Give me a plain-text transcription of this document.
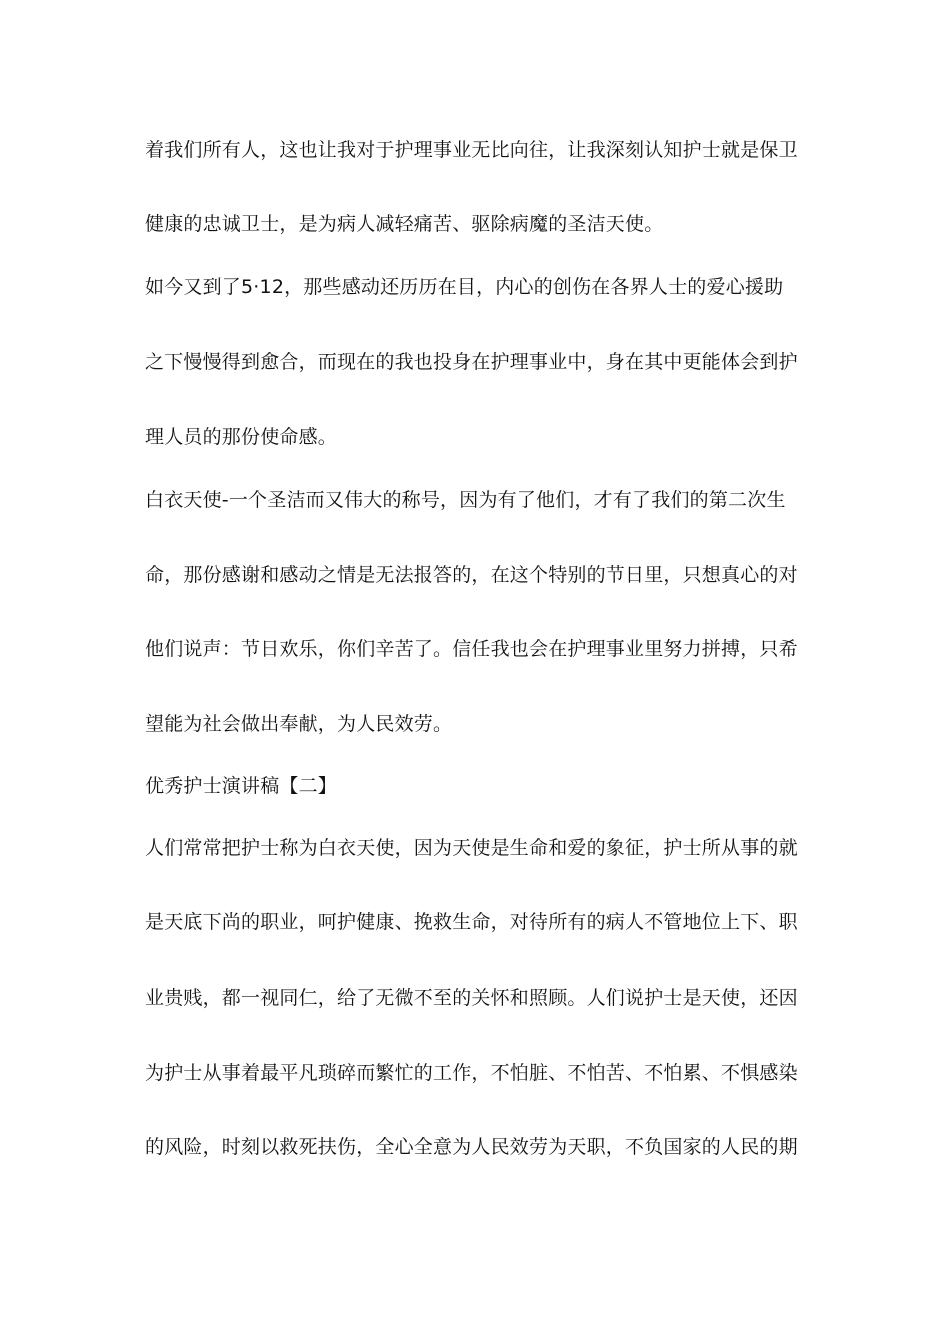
着我们所有人，这也让我对于护理事业无比向往，让我深刻认知护士就是保卫
健康的忠诚卫士，是为病人减轻痛苦、驱除病魔的圣洁天使。
如今又到了5·12，那些感动还历历在目，内心的创伤在各界人士的爱心援助
之下慢慢得到愈合，而现在的我也投身在护理事业中，身在其中更能体会到护
理人员的那份使命感。
白衣天使-一个圣洁而又伟大的称号，因为有了他们，才有了我们的第二次生
命，那份感谢和感动之情是无法报答的，在这个特别的节日里，只想真心的对
他们说声：节日欢乐，你们辛苦了。信任我也会在护理事业里努力拼搏，只希
望能为社会做出奉献，为人民效劳。
优秀护士演讲稿【二】
人们常常把护士称为白衣天使，因为天使是生命和爱的象征，护士所从事的就
是天底下尚的职业，呵护健康、挽救生命，对待所有的病人不管地位上下、职
业贵贱，都一视同仁，给了无微不至的关怀和照顾。人们说护士是天使，还因
为护士从事着最平凡琐碎而繁忙的工作，不怕脏、不怕苦、不怕累、不惧感染
的风险，时刻以救死扶伤，全心全意为人民效劳为天职，不负国家的人民的期
